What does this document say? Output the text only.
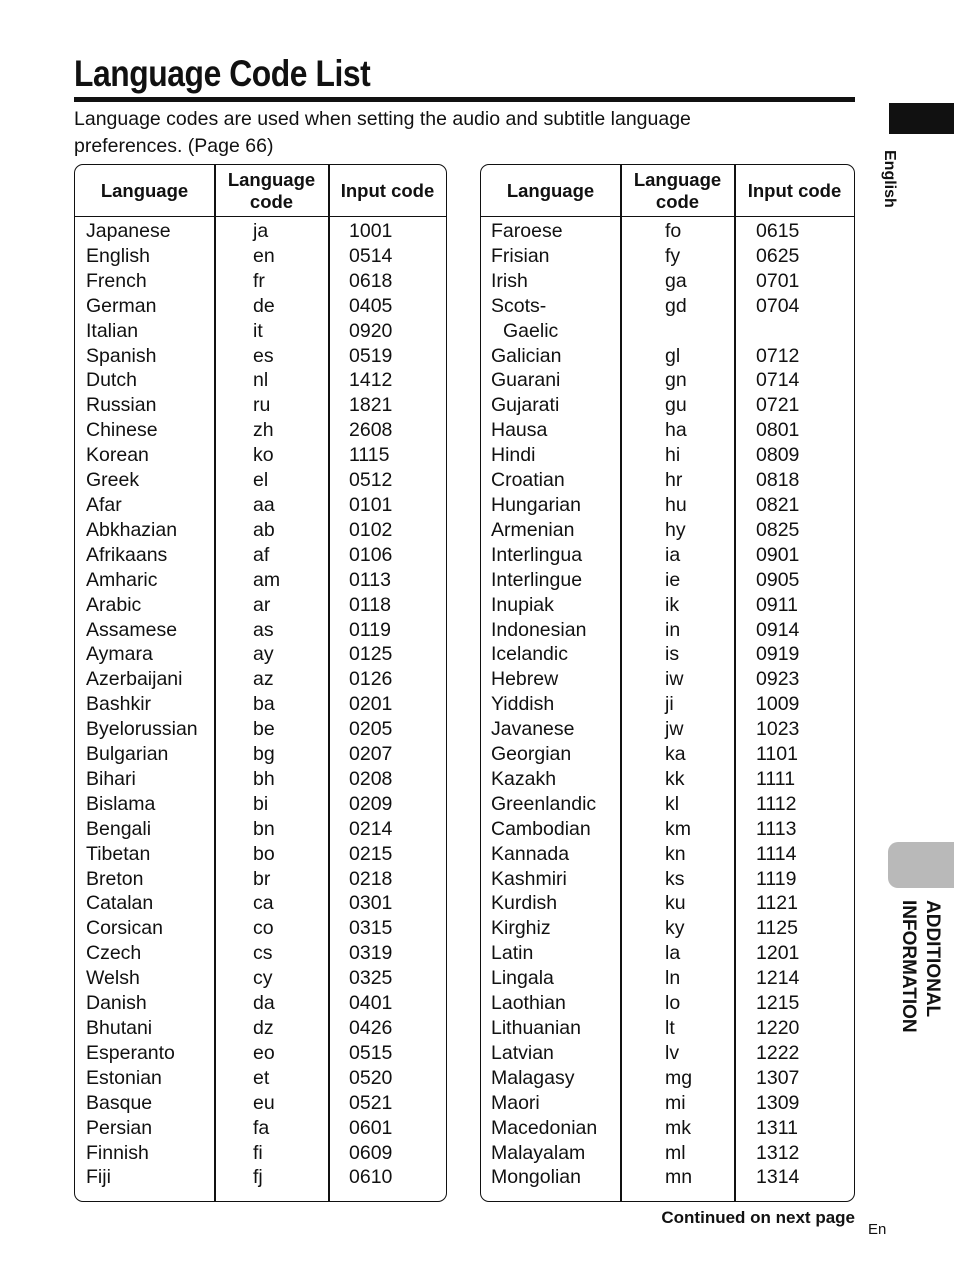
Language Code List

Language codes are used when setting the audio and subtitle language preferences. (Page 66)

Language
Language code
Input code
Japanese	ja	1001
English	en	0514
French	fr	0618
German	de	0405
Italian	it	0920
Spanish	es	0519
Dutch	nl	1412
Russian	ru	1821
Chinese	zh	2608
Korean	ko	1115
Greek	el	0512
Afar	aa	0101
Abkhazian	ab	0102
Afrikaans	af	0106
Amharic	am	0113
Arabic	ar	0118
Assamese	as	0119
Aymara	ay	0125
Azerbaijani	az	0126
Bashkir	ba	0201
Byelorussian	be	0205
Bulgarian	bg	0207
Bihari	bh	0208
Bislama	bi	0209
Bengali	bn	0214
Tibetan	bo	0215
Breton	br	0218
Catalan	ca	0301
Corsican	co	0315
Czech	cs	0319
Welsh	cy	0325
Danish	da	0401
Bhutani	dz	0426
Esperanto	eo	0515
Estonian	et	0520
Basque	eu	0521
Persian	fa	0601
Finnish	fi	0609
Fiji	fj	0610
Language
Language code
Input code
Faroese	fo	0615
Frisian	fy	0625
Irish	ga	0701
Scots-	gd	0704
Gaelic
Galician	gl	0712
Guarani	gn	0714
Gujarati	gu	0721
Hausa	ha	0801
Hindi	hi	0809
Croatian	hr	0818
Hungarian	hu	0821
Armenian	hy	0825
Interlingua	ia	0901
Interlingue	ie	0905
Inupiak	ik	0911
Indonesian	in	0914
Icelandic	is	0919
Hebrew	iw	0923
Yiddish	ji	1009
Javanese	jw	1023
Georgian	ka	1101
Kazakh	kk	1111
Greenlandic	kl	1112
Cambodian	km	1113
Kannada	kn	1114
Kashmiri	ks	1119
Kurdish	ku	1121
Kirghiz	ky	1125
Latin	la	1201
Lingala	ln	1214
Laothian	lo	1215
Lithuanian	lt	1220
Latvian	lv	1222
Malagasy	mg	1307
Maori	mi	1309
Macedonian	mk	1311
Malayalam	ml	1312
Mongolian	mn	1314
English
ADDITIONAL
INFORMATION
Continued on next page
En
